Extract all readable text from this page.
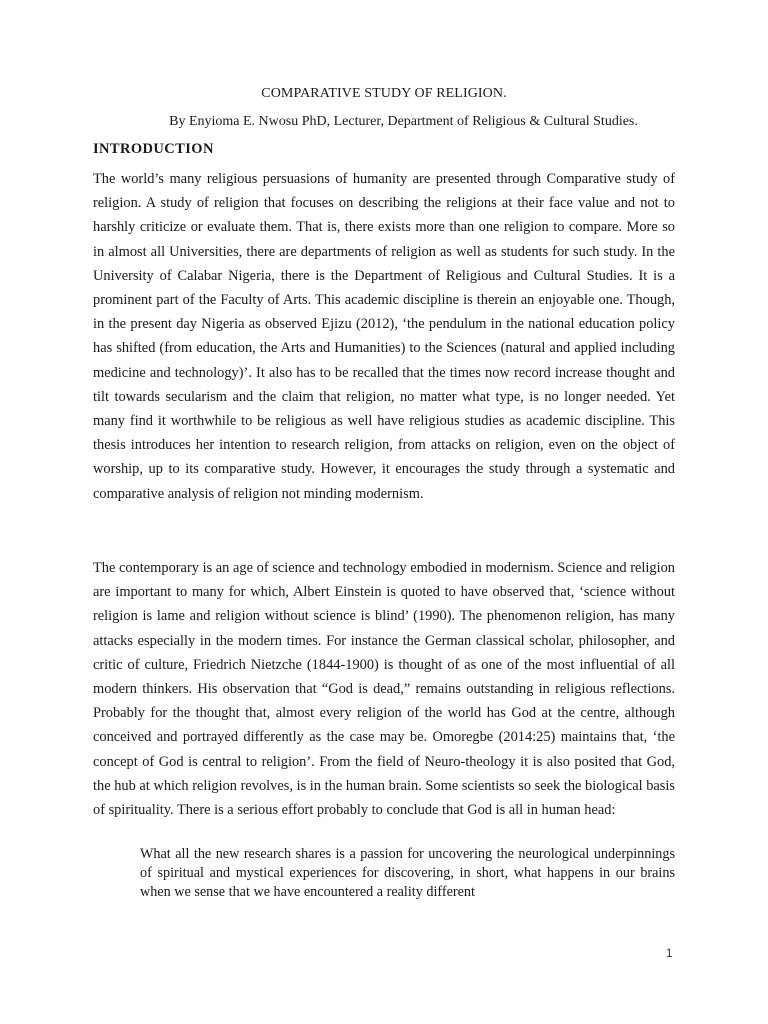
COMPARATIVE STUDY OF RELIGION.
By Enyioma E. Nwosu PhD, Lecturer, Department of Religious & Cultural Studies.
INTRODUCTION

The world’s many religious persuasions of humanity are presented through Comparative study of religion. A study of religion that focuses on describing the religions at their face value and not to harshly criticize or evaluate them. That is, there exists more than one religion to compare. More so in almost all Universities, there are departments of religion as well as students for such study. In the University of Calabar Nigeria, there is the Department of Religious and Cultural Studies. It is a prominent part of the Faculty of Arts. This academic discipline is therein an enjoyable one. Though, in the present day Nigeria as observed Ejizu (2012), ‘the pendulum in the national education policy has shifted (from education, the Arts and Humanities) to the Sciences (natural and applied including medicine and technology)’. It also has to be recalled that the times now record increase thought and tilt towards secularism and the claim that religion, no matter what type, is no longer needed. Yet many find it worthwhile to be religious as well have religious studies as academic discipline. This thesis introduces her intention to research religion, from attacks on religion, even on the object of worship, up to its comparative study. However, it encourages the study through a systematic and comparative analysis of religion not minding modernism.

The contemporary is an age of science and technology embodied in modernism. Science and religion are important to many for which, Albert Einstein is quoted to have observed that, ‘science without religion is lame and religion without science is blind’ (1990). The phenomenon religion, has many attacks especially in the modern times. For instance the German classical scholar, philosopher, and critic of culture, Friedrich Nietzche (1844-1900) is thought of as one of the most influential of all modern thinkers. His observation that “God is dead,” remains outstanding in religious reflections. Probably for the thought that, almost every religion of the world has God at the centre, although conceived and portrayed differently as the case may be. Omoregbe (2014:25) maintains that, ‘the concept of God is central to religion’. From the field of Neuro-theology it is also posited that God, the hub at which religion revolves, is in the human brain. Some scientists so seek the biological basis of spirituality. There is a serious effort probably to conclude that God is all in human head:

What all the new research shares is a passion for uncovering the neurological underpinnings of spiritual and mystical experiences for discovering, in short, what happens in our brains when we sense that we have encountered a reality different

1
